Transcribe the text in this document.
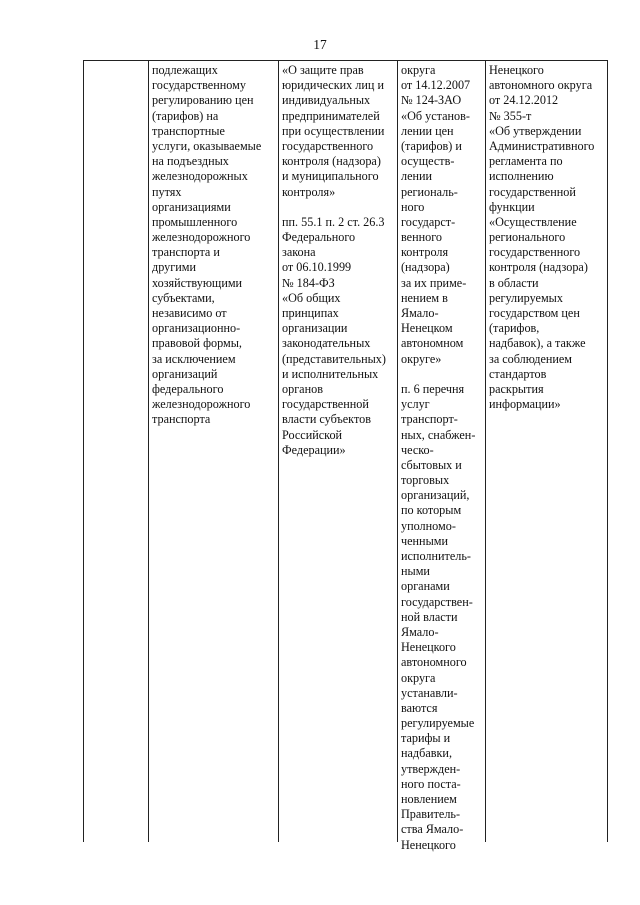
17
подлежащих
государственному
регулированию цен
(тарифов) на
транспортные
услуги, оказываемые
на подъездных
железнодорожных
путях
организациями
промышленного
железнодорожного
транспорта и
другими
хозяйствующими
субъектами,
независимо от
организационно-
правовой формы,
за исключением
организаций
федерального
железнодорожного
транспорта
«О защите прав
юридических лиц и
индивидуальных
предпринимателей
при осуществлении
государственного
контроля (надзора)
и муниципального
контроля»
пп. 55.1 п. 2 ст. 26.3
Федерального
закона
от 06.10.1999
№ 184-ФЗ
«Об общих
принципах
организации
законодательных
(представительных)
и исполнительных
органов
государственной
власти субъектов
Российской
Федерации»
округа
от 14.12.2007
№ 124-ЗАО
«Об установ-
лении цен
(тарифов) и
осуществ-
лении
региональ-
ного
государст-
венного
контроля
(надзора)
за их приме-
нением в
Ямало-
Ненецком
автономном
округе»
п. 6 перечня
услуг
транспорт-
ных, снабжен-
ческо-
сбытовых и
торговых
организаций,
по которым
уполномо-
ченными
исполнитель-
ными
органами
государствен-
ной власти
Ямало-
Ненецкого
автономного
округа
устанавли-
ваются
регулируемые
тарифы и
надбавки,
утвержден-
ного поста-
новлением
Правитель-
ства Ямало-
Ненецкого
Ненецкого
автономного округа
от 24.12.2012
№ 355-т
«Об утверждении
Административного
регламента по
исполнению
государственной
функции
«Осуществление
регионального
государственного
контроля (надзора)
в области
регулируемых
государством цен
(тарифов,
надбавок), а также
за соблюдением
стандартов
раскрытия
информации»
